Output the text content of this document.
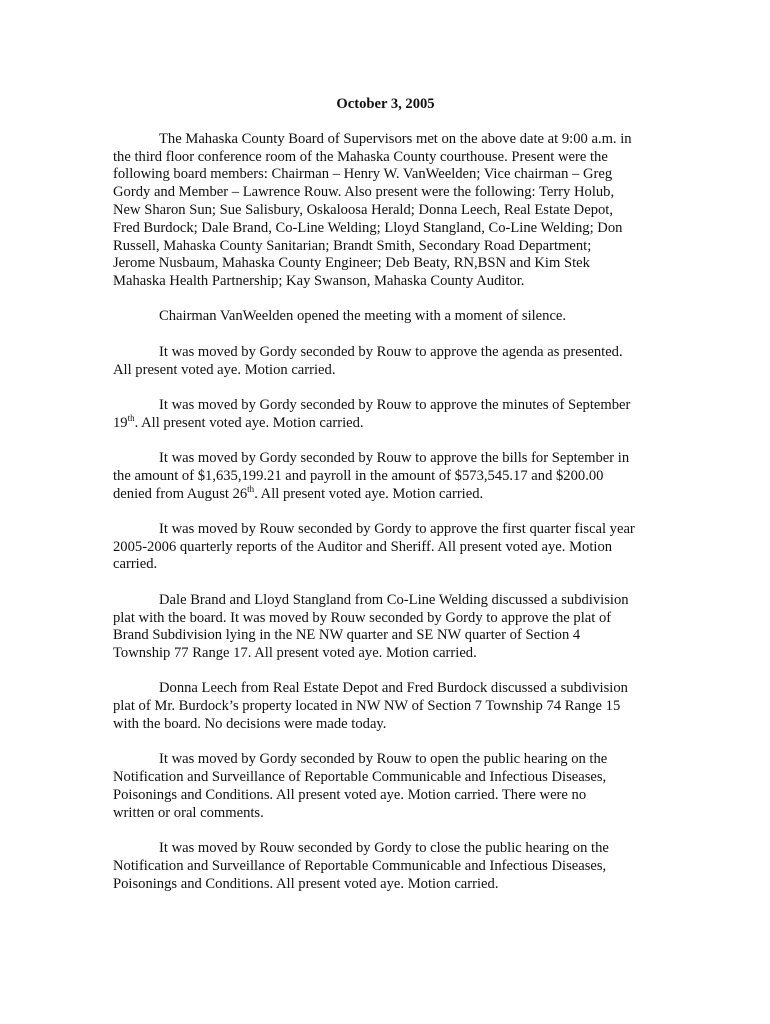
October 3, 2005

The Mahaska County Board of Supervisors met on the above date at 9:00 a.m. in
the third floor conference room of the Mahaska County courthouse. Present were the
following board members: Chairman – Henry W. VanWeelden; Vice chairman – Greg
Gordy and Member – Lawrence Rouw. Also present were the following: Terry Holub,
New Sharon Sun; Sue Salisbury, Oskaloosa Herald; Donna Leech, Real Estate Depot,
Fred Burdock; Dale Brand, Co-Line Welding; Lloyd Stangland, Co-Line Welding; Don
Russell, Mahaska County Sanitarian; Brandt Smith, Secondary Road Department;
Jerome Nusbaum, Mahaska County Engineer; Deb Beaty, RN,BSN and Kim Stek
Mahaska Health Partnership; Kay Swanson, Mahaska County Auditor.

Chairman VanWeelden opened the meeting with a moment of silence.

It was moved by Gordy seconded by Rouw to approve the agenda as presented.
All present voted aye. Motion carried.

It was moved by Gordy seconded by Rouw to approve the minutes of September
19th. All present voted aye. Motion carried.

It was moved by Gordy seconded by Rouw to approve the bills for September in
the amount of $1,635,199.21 and payroll in the amount of $573,545.17 and $200.00
denied from August 26th. All present voted aye. Motion carried.

It was moved by Rouw seconded by Gordy to approve the first quarter fiscal year
2005-2006 quarterly reports of the Auditor and Sheriff. All present voted aye. Motion
carried.

Dale Brand and Lloyd Stangland from Co-Line Welding discussed a subdivision
plat with the board. It was moved by Rouw seconded by Gordy to approve the plat of
Brand Subdivision lying in the NE NW quarter and SE NW quarter of Section 4
Township 77 Range 17. All present voted aye. Motion carried.

Donna Leech from Real Estate Depot and Fred Burdock discussed a subdivision
plat of Mr. Burdock’s property located in NW NW of Section 7 Township 74 Range 15
with the board. No decisions were made today.

It was moved by Gordy seconded by Rouw to open the public hearing on the
Notification and Surveillance of Reportable Communicable and Infectious Diseases,
Poisonings and Conditions. All present voted aye. Motion carried. There were no
written or oral comments.

It was moved by Rouw seconded by Gordy to close the public hearing on the
Notification and Surveillance of Reportable Communicable and Infectious Diseases,
Poisonings and Conditions. All present voted aye. Motion carried.
